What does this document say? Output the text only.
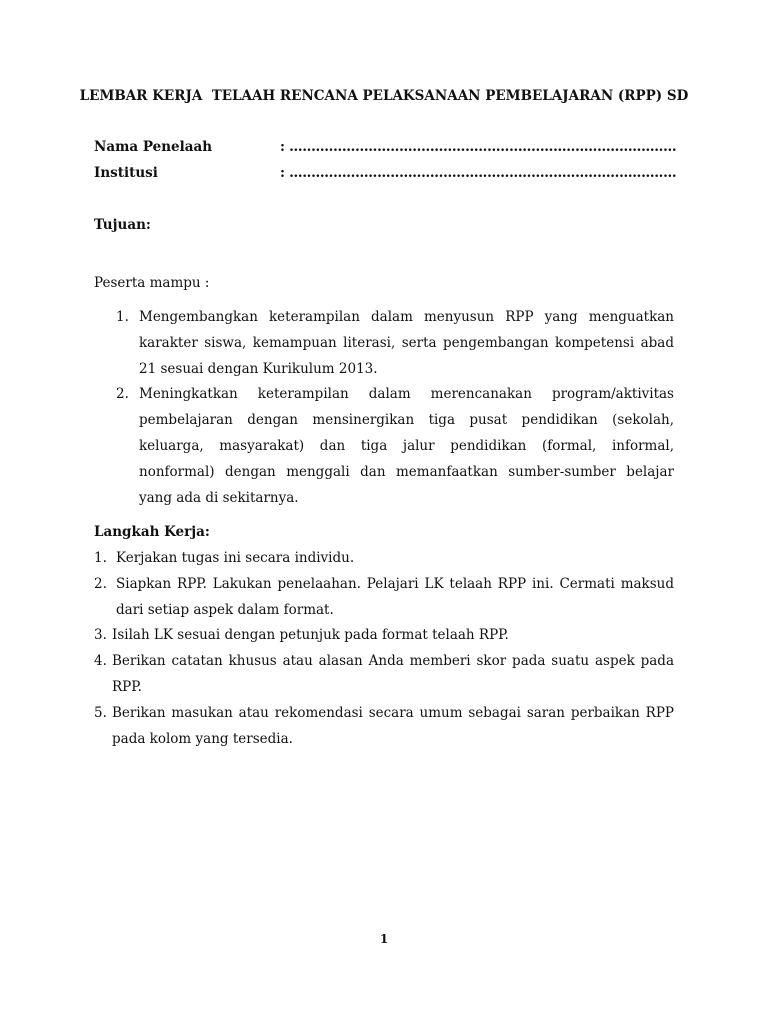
LEMBAR KERJA  TELAAH RENCANA PELAKSANAAN PEMBELAJARAN (RPP) SD
Nama Penelaah	: ........................................................................................
Institusi	: ........................................................................................
Tujuan:
Peserta mampu :
1. Mengembangkan keterampilan dalam menyusun RPP yang menguatkan karakter siswa, kemampuan literasi, serta pengembangan kompetensi abad 21 sesuai dengan Kurikulum 2013.
2. Meningkatkan keterampilan dalam merencanakan program/aktivitas pembelajaran dengan mensinergikan tiga pusat pendidikan (sekolah, keluarga, masyarakat) dan tiga jalur pendidikan (formal, informal, nonformal) dengan menggali dan memanfaatkan sumber-sumber belajar yang ada di sekitarnya.
Langkah Kerja:
1. Kerjakan tugas ini secara individu.
2. Siapkan RPP. Lakukan penelaahan. Pelajari LK telaah RPP ini. Cermati maksud dari setiap aspek dalam format.
3. Isilah LK sesuai dengan petunjuk pada format telaah RPP.
4. Berikan catatan khusus atau alasan Anda memberi skor pada suatu aspek pada RPP.
5. Berikan masukan atau rekomendasi secara umum sebagai saran perbaikan RPP pada kolom yang tersedia.
1
